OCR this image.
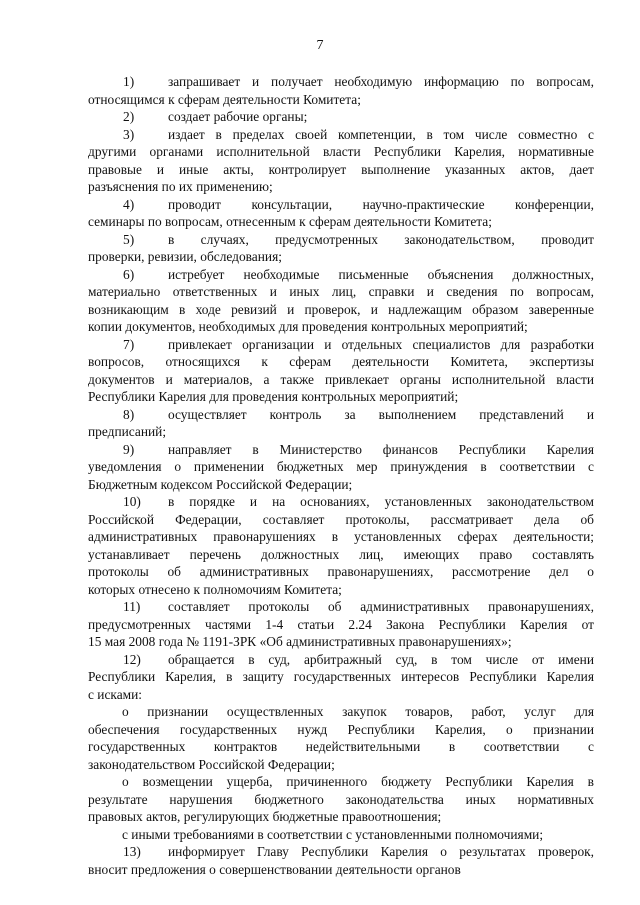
7
1)	запрашивает и получает необходимую информацию по вопросам,
относящимся к сферам деятельности Комитета;
2)	создает рабочие органы;
3)	издает в пределах своей компетенции, в том числе совместно с
другими органами исполнительной власти Республики Карелия, нормативные
правовые и иные акты, контролирует выполнение указанных актов, дает
разъяснения по их применению;
4)	проводит консультации, научно-практические конференции,
семинары по вопросам, отнесенным к сферам деятельности Комитета;
5)	в случаях, предусмотренных законодательством, проводит
проверки, ревизии, обследования;
6)	истребует необходимые письменные объяснения должностных,
материально ответственных и иных лиц, справки и сведения по вопросам,
возникающим в ходе ревизий и проверок, и надлежащим образом заверенные
копии документов, необходимых для проведения контрольных мероприятий;
7)	привлекает организации и отдельных специалистов для разработки
вопросов, относящихся к сферам деятельности Комитета, экспертизы
документов и материалов, а также привлекает органы исполнительной власти
Республики Карелия для проведения контрольных мероприятий;
8)	осуществляет контроль за выполнением представлений и
предписаний;
9)	направляет в Министерство финансов Республики Карелия
уведомления о применении бюджетных мер принуждения в соответствии с
Бюджетным кодексом Российской Федерации;
10)	в порядке и на основаниях, установленных законодательством
Российской Федерации, составляет протоколы, рассматривает дела об
административных правонарушениях в установленных сферах деятельности;
устанавливает перечень должностных лиц, имеющих право составлять
протоколы об административных правонарушениях, рассмотрение дел о
которых отнесено к полномочиям Комитета;
11)	составляет протоколы об административных правонарушениях,
предусмотренных частями 1-4 статьи 2.24 Закона Республики Карелия от
15 мая 2008 года № 1191-ЗРК «Об административных правонарушениях»;
12)	обращается в суд, арбитражный суд, в том числе от имени
Республики Карелия, в защиту государственных интересов Республики Карелия
с исками:
о признании осуществленных закупок товаров, работ, услуг для
обеспечения государственных нужд Республики Карелия, о признании
государственных контрактов недействительными в соответствии с
законодательством Российской Федерации;
о возмещении ущерба, причиненного бюджету Республики Карелия в
результате нарушения бюджетного законодательства иных нормативных
правовых актов, регулирующих бюджетные правоотношения;
с иными требованиями в соответствии с установленными полномочиями;
13)	информирует Главу Республики Карелия о результатах проверок,
вносит предложения о совершенствовании деятельности органов
